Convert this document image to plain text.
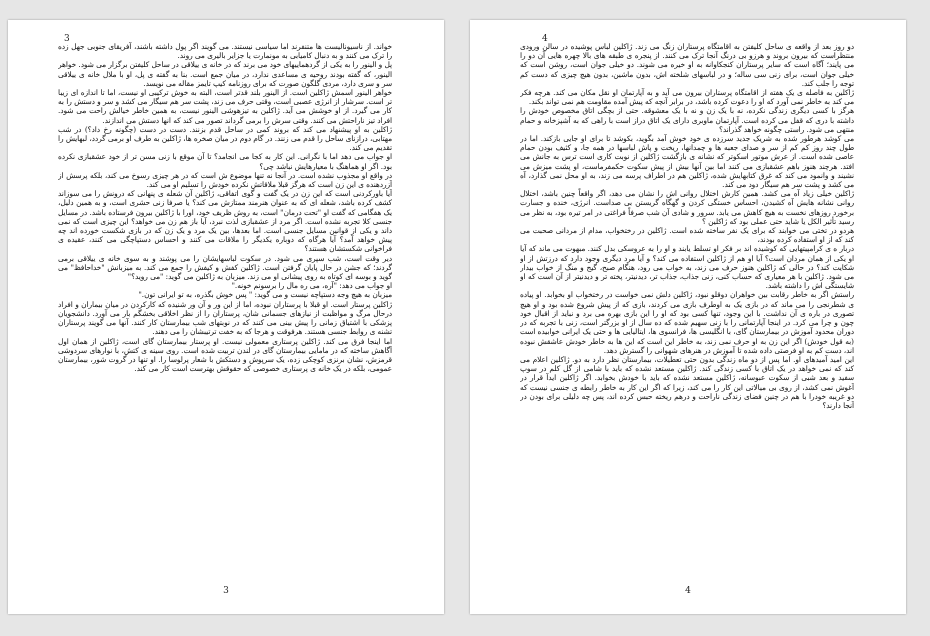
3

خواند. از ناسیونالیست ها متنفرند اما سیاسی نیستند. می گویند اگر پول داشته باشند، آفریقای جنوبی جهل زده را ترک می کنند و به دنبال کامیابی به مونمارت یا جزایر بالیری می روند.

پل و الینور را به یکی از گردهماییهای خود می برند که در خانه ی ییلاقی در ساحل کلیفتن برگزار می شود. خواهر الینور، که گفته بودند روحیه ی مساعدی ندارد، در میان جمع است. بنا به گفته ی پل، او با ملال خانه ی ییلاقی سر و سری دارد، مردی گلگون صورت که برای روزنامه کیپ تایمز مقاله می نویسد.

خواهر الینور اسمش ژاکلین است. از الینور بلند قدتر است، البته به خوش ترکیبی او نیست، اما تا اندازه ای زیبا تر است. سرشار از انرژی عصبی است، وقتی حرف می زند، پشت سر هم سیگار می کشد و سر و دستش را به کار می گیرد. از او خوشش می آید. ژاکلین به تیزهوشی الینور نیست، به همین خاطر خیالش راحت می شود. افراد تیز ناراحتش می کنند. وقتی سرش را برمی گرداند تصور می کند که انها دستش می اندازند.

ژاکلین به او پیشنهاد می کند که بروند کمی در ساحل قدم بزنند. دست در دست (چگونه رخ داد؟) در شب مهتابی، درازنای ساحل را قدم می زنند. در گام دوم در میان صخره ها، ژاکلین به طرف او برمی گردد، لبهایش را تقدیم می کند.

او جواب می دهد اما با نگرانی. این کار به کجا می انجامد؟ تا آن موقع با زنی مسن تر از خود عشقبازی نکرده بود. اگر او هماهنگ با معیارهایش نباشد چی؟

در واقع او مجذوب نشده است. در آنجا نه تنها موضوع ش است که در هر چیزی رسوخ می کند، بلکه پرسش از آزردهنده ی این زن است که هرگز قبلا ملاقاتش نکرده خودش را تسلیم او می کند.

آیا باورکردنی است که این زن در یک گفت و گوی اتفاقی، ژاکلین آن شعله ی پنهانی که درونش را می سوزاند کشف کرده باشد، شعله ای که به عنوان هنرمند ممتازش می کند؟ یا صرفا زنی حشری است، و به همین دلیل، یک هفگامی که گفت او "تحت درمان" است، به روش ظریف خود، اورا با ژاکلین بیرون فرستاده باشد. در مسایل جنسی کلا تجربه نشده است. اگر مرد از عشقبازی لذت نبرد، آیا باز هم زن می خواهد؟ این چیزی است که نمی داند و یکی از قوانین مسایل جنسی است. اما بعدها، بین یک مرد و یک زن که در بازی شکست خورده اند چه پیش خواهد آمد؟ آیا هرگاه که دوباره یکدیگر را ملاقات می کنند و احساس دستپاچگی می کنند، عقیده ی فراخوانی شکستشان هستند؟

دیر وقت است، شب سپری می شود. در سکوت لباسهایشان را می پوشند و به سوی خانه ی ییلاقی برمی گردند؛ که جشن در حال پایان گرفتن است. ژاکلین کفش و کیفش را جمع می کند. به میزبانش "خداحافظ" می گوید و بوسه ای کوتاه به روی پیشانی او می زند. میزبان به ژاکلین می گوید: "می روید؟"

او جواب می دهد: "آره، می ره مال را برسونم خونه."

میزبان به هیچ وجه دستپاچه نیست و می گوید: " پس خوش بگذره، به تو ایرانی تون."

ژاکلین پرستار است. او قبلا با پرستاران نبوده، اما از این ور و آن ور شنیده که کارکردن در میان بیماران و افراد درحال مرگ و مواظبت از نیازهای جسمانی شان، پرستاران را از نظر اخلاقی بخشگم بار می آورد. دانشجویان پزشکی با اشتیاق زمانی را پیش بینی می کنند که در نوبتهای شب بیمارستان کار کنند. آنها می گویند پرستاران تشنه ی روابط جنسی هستند. هرفوقت و هرجا که به خفت ترتیبشان را می دهند.

اما اینجا فرق می کند. ژاکلین پرستاری معمولی نیست. او پرستار بیمارستان گای است، ژاکلین از همان اول آگاهش ساخته که در مامایی بیمارستان گای در لندن تربیت شده است. روی سینه ی کتش، با نوارهای سردوشی قرمزش، نشان برنزی کوچکی زده، یک سرپوش و دستکش با شعار پرلوسا را. او تنها در گروت شور، بیمارستان عمومی، بلکه در یک خانه ی پرستاری خصوصی که حقوقش بهترست است کار می کند.

3
4

دو روز بعد از واقعه ی ساحل کلیفتن به اقامتگاه پرستاران زنگ می زند. ژاکلین لباس پوشیده در سالن ورودی منتظراست که بیرون بروند و هرزو بی درنگ آنجا ترک می کنند. از پنجره ی طبقه های بالا چهره هایی آن دو را می پایند؛ آگاه است که سایر پرستاران کنجکاوانه به او خیره می شوند. دو خیلی جوان است، روشن است که خیلی جوان است، برای زنی سی ساله؛ و در لباسهای شلخته اش، بدون ماشین، بدون هیچ چیزی که دست کم توجه را جلب کند.

ژاکلین به فاصله ی یک هفته از اقامتگاه پرستاران بیرون می آید و به آپارتمان او نقل مکان می کند. هرچه فکر می کند به خاطر نمی آورد که او را دعوت کرده باشد، در برابر آنچه که پیش آمده مقاومت هم نمی تواند بکند.

هرگز با کسی دیگری زندگی نکرده، نه با یک زن و نه با یک معشوقه. حتی از بچگی اتاق مخصوص خودش را داشته با دری که قفل می کرده است. آپارتمان ماوبری دارای یک اتاق دراز است با راهی که به آشپزخانه و حمام منتهی می شود. راستی چگونه خواهد گذراند؟

می کوشد هرطور شده به شریک جدید سرزده ی خود خوش آمد بگوید، بکوشد تا برای او جایی بازکند. اما در طول چند روز کم کم از سر و صدای جعبه ها و چمدانها، ریخت و پاش لباسها در همه جا، و کثیف بودن حمام عاصی شده است. از عرش موتور اسکوتر که نشانه ی بازگشت ژاکلین از نوبت کاری است ترس به جانش می افتد. هرچند هنوز باهم عشقبازی می کنند اما بین آنها بیش از پیش سکوت حکمفرماست، او پشت میزش می نشیند و وانمود می کند که غرق کتابهایش شده، ژاکلین هم در اطراف پرسه می زند، به او محل نمی گذارد، آه می کشد و پشت سر هم سیگار دود می کند.

ژاکلین خیلی زیاد آه می کشد. همین کارش اختلال روانی اش را نشان می دهد، اگر واقعاً چنین باشد، اختلال روانی نشانه هایش آه کشیدن، احساس خستگی کردن و گهگاه گریستن بی صداست. انرژی، خنده و جسارت برخورد روزهای نخست به هیچ کاهش می یابد. سرور و شادی آن شب صرفاً فراغتی در امر تیره بود، به نظر می رسید تأثیر الکل یا شاید حتی عملی بود که ژاکلین ؟

هردو در تختی می خوابند که برای یک نفر ساخته شده است. ژاکلین در رختخواب، مدام از مردانی صحبت می کند که از او استفاده کرده بودند،

دربار ه ی کرامپیتهایی که کوشیده اند بر فکر او تسلط یابند و او را به عروسکی بدل کنند. مبهوت می ماند که آیا او یکی از همان مردان است؟ آیا او هم از ژاکلین استفاده می کند؟ و آیا مرد دیگری وجود دارد که درزتش از او شکایت کند؟ در حالی که ژاکلین هنوز حرف می زند، به خواب می رود، هنگام صبح، گیج و منگ از خواب بیدار می شود. ژاکلین با هر معیاری که حساب کنی، زنی جذاب، جذاب تر، دیدنیتر، پخته تر و دیدنیتر از آن است که او شایستگی اش را داشته باشد.

راستش اگر به خاطر رقابت بین خواهران دوقلو نبود، ژاکلین دلش نمی خواست در رختخواب او بخوابد. او پیاده ی شطرنجی را می ماند که در بازی یک به اوطرف بازی می کردند، بازی که از پیش شروع شده بود و او هیچ تصوری در باره ی آن نداشت. با این وجود، تنها کسی بود که او را این بازی بهره می برد و نباید از اقبال خود چون و چرا می کرد. در اینجا آپارتمانی را با زنی سهیم شده که ده سال از او بزرگتر است، زنی با تجربه که در دوران محدود آموزش در بیمارستان گای، با انگلیسی ها، فرانسوی ها، ایتالیایی ها و حتی یک ایرانی خوابیده است (به قول خودش) اگر این زن به او حرف نمی زند، به خاطر این است که این ها به خاطر خودش عاشقش نبوده اند، دست کم به او فرصتی داده شده تا آموزش در هنرهای شهوانی را گسترش دهد.

این امید آمیدهای او. اما پس از دو ماه زندگی بدون حتی تعطیلات، بیمارستان نظر دارد به دو. ژاکلین اعلام می کند که نمی خواهد در یک اتاق با کسی زندگی کند. ژاکلین مستعد نشده که باید با شامی از گل کلم در سوپ سفید و بعد شبی از سکوت عبوسانه، ژاکلین مستعد نشده که باید با خودش بخوابد. اگر ژاکلین ایدآ قرار در آغوش نمی کشد، از روی بی میالاتی این کار را می کند، زیرا که اگر این کار به خاطر رابطه ی جنسی نیست که دو غریبه خودرا با هم در چنین فضای زندگی ناراحت و درهم ریخته حبس کرده اند، پس چه دلیلی برای بودن در آنجا دارند؟

4
